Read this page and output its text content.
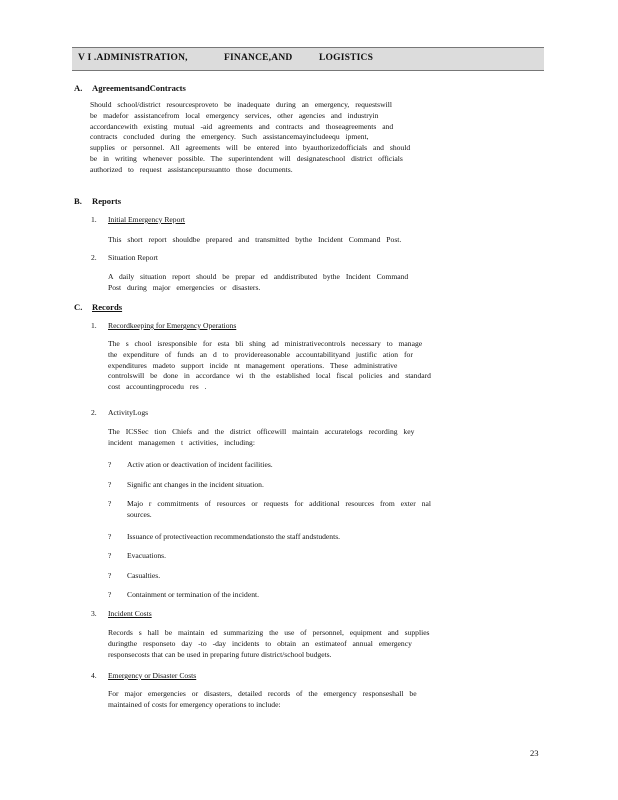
V I .ADMINISTRATION,	FINANCE,AND	LOGISTICS
A. AgreementsandContracts
Should school/district resourcesproveto be inadequate during an emergency, requestswill
be madefor assistancefrom local emergency services, other agencies and industryin
accordancewith existing mutual -aid agreements and contracts and thoseagreements and
contracts concluded during the emergency. Such assistancemayincludeequ ipment,
supplies or personnel. All agreements will be entered into byauthorizedofficials and should
be in writing whenever possible. The superintendent will designateschool district officials
authorized to request assistancepursuantto those documents.
B. Reports
1. Initial Emergency Report
This short report shouldbe prepared and transmitted bythe Incident Command Post.
2. Situation Report
A daily situation report should be prepar ed anddistributed bythe Incident Command
Post during major emergencies or disasters.
C. Records
1. Recordkeeping for Emergency Operations
The s chool isresponsible for esta bli shing ad ministrativecontrols necessary to manage
the expenditure of funds an d to providereasonable accountabilityand justific ation for
expenditures madeto support incide nt management operations. These administrative
controlswill be done in accordance wi th the established local fiscal policies and standard
cost accountingprocedu res .
2. ActivityLogs
The ICSSec tion Chiefs and the district officewill maintain accuratelogs recording key
incident managemen t activities, including:
? Activ ation or deactivation of incident facilities.
? Signific ant changes in the incident situation.
? Majo r commitments of resources or requests for additional resources from exter nal
sources.
? Issuance of protectiveaction recommendationsto the staff andstudents.
? Evacuations.
? Casualties.
? Containment or termination of the incident.
3. Incident Costs
Records s hall be maintain ed summarizing the use of personnel, equipment and supplies
duringthe responseto day -to -day incidents to obtain an estimateof annual emergency
responsecosts that can be used in preparing future district/school budgets.
4. Emergency or Disaster Costs
For major emergencies or disasters, detailed records of the emergency responseshall be
maintained of costs for emergency operations to include:
23
